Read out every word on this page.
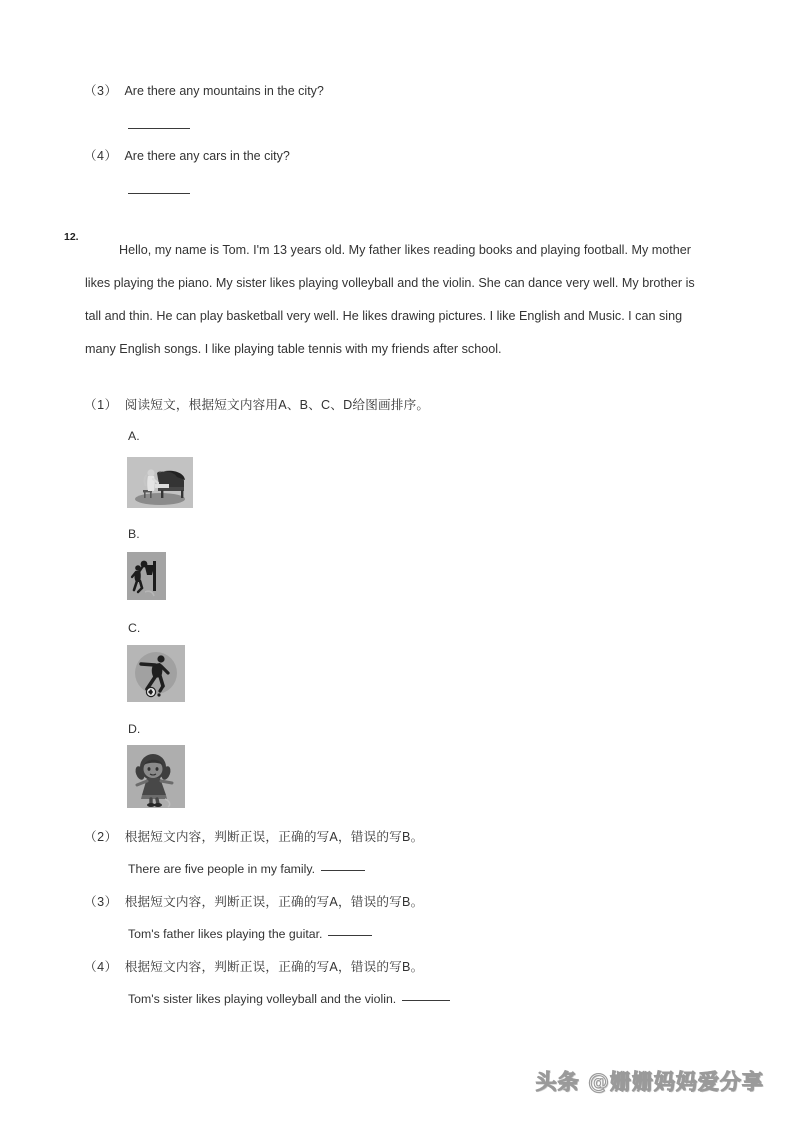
（3） Are there any mountains in the city?
（4） Are there any cars in the city?
12.
Hello, my name is Tom. I'm 13 years old. My father likes reading books and playing football. My mother likes playing the piano. My sister likes playing volleyball and the violin. She can dance very well. My brother is tall and thin. He can play basketball very well. He likes drawing pictures. I like English and Music. I can sing many English songs. I like playing table tennis with my friends after school.
（1） 阅读短文，根据短文内容用A、B、C、D给图画排序。
A.
B.
C.
D.
（2） 根据短文内容，判断正误，正确的写A，错误的写B。
There are five people in my family.
（3） 根据短文内容，判断正误，正确的写A，错误的写B。
Tom's father likes playing the guitar.
（4） 根据短文内容，判断正误，正确的写A，错误的写B。
Tom's sister likes playing volleyball and the violin.
头条 @姗姗妈妈爱分享
